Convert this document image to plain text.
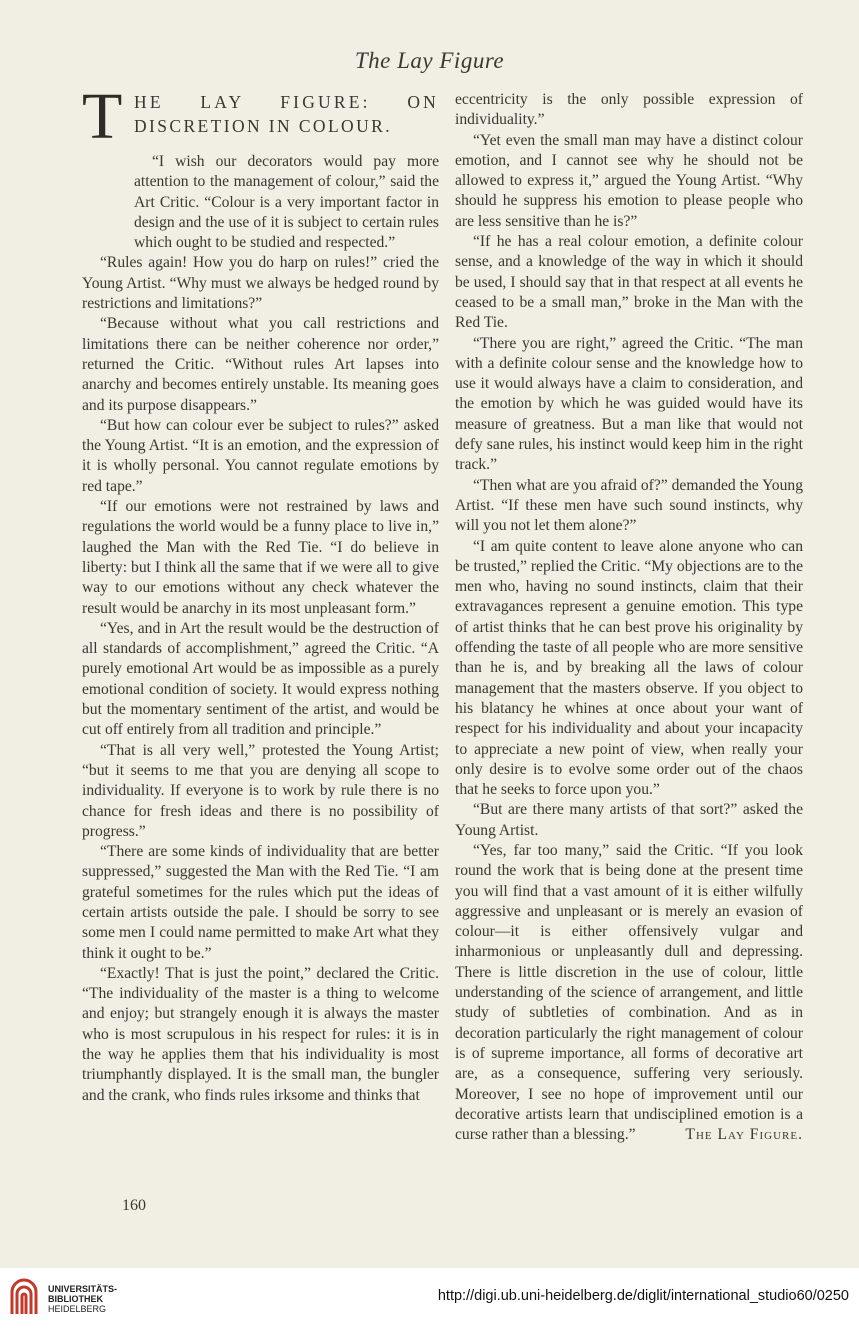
The Lay Figure
T HE LAY FIGURE: ON
DISCRETION IN COLOUR.

“I wish our decorators would pay more attention to the management of colour,” said the Art Critic. “Colour is a very important factor in design and the use of it is subject to certain rules which ought to be studied and respected.”

“Rules again! How you do harp on rules!” cried the Young Artist. “Why must we always be hedged round by restrictions and limitations?”

“Because without what you call restrictions and limitations there can be neither coherence nor order,” returned the Critic. “Without rules Art lapses into anarchy and becomes entirely unstable. Its meaning goes and its purpose disappears.”

“But how can colour ever be subject to rules?” asked the Young Artist. “It is an emotion, and the expression of it is wholly personal. You cannot regulate emotions by red tape.”

“If our emotions were not restrained by laws and regulations the world would be a funny place to live in,” laughed the Man with the Red Tie. “I do believe in liberty: but I think all the same that if we were all to give way to our emotions without any check whatever the result would be anarchy in its most unpleasant form.”

“Yes, and in Art the result would be the destruction of all standards of accomplishment,” agreed the Critic. “A purely emotional Art would be as impossible as a purely emotional condition of society. It would express nothing but the momentary sentiment of the artist, and would be cut off entirely from all tradition and principle.”

“That is all very well,” protested the Young Artist; “but it seems to me that you are denying all scope to individuality. If everyone is to work by rule there is no chance for fresh ideas and there is no possibility of progress.”

“There are some kinds of individuality that are better suppressed,” suggested the Man with the Red Tie. “I am grateful sometimes for the rules which put the ideas of certain artists outside the pale. I should be sorry to see some men I could name permitted to make Art what they think it ought to be.”

“Exactly! That is just the point,” declared the Critic. “The individuality of the master is a thing to welcome and enjoy; but strangely enough it is always the master who is most scrupulous in his respect for rules: it is in the way he applies them that his individuality is most triumphantly displayed. It is the small man, the bungler and the crank, who finds rules irksome and thinks that

eccentricity is the only possible expression of individuality.”

“Yet even the small man may have a distinct colour emotion, and I cannot see why he should not be allowed to express it,” argued the Young Artist. “Why should he suppress his emotion to please people who are less sensitive than he is?”

“If he has a real colour emotion, a definite colour sense, and a knowledge of the way in which it should be used, I should say that in that respect at all events he ceased to be a small man,” broke in the Man with the Red Tie.

“There you are right,” agreed the Critic. “The man with a definite colour sense and the knowledge how to use it would always have a claim to consideration, and the emotion by which he was guided would have its measure of greatness. But a man like that would not defy sane rules, his instinct would keep him in the right track.”

“Then what are you afraid of?” demanded the Young Artist. “If these men have such sound instincts, why will you not let them alone?”

“I am quite content to leave alone anyone who can be trusted,” replied the Critic. “My objections are to the men who, having no sound instincts, claim that their extravagances represent a genuine emotion. This type of artist thinks that he can best prove his originality by offending the taste of all people who are more sensitive than he is, and by breaking all the laws of colour management that the masters observe. If you object to his blatancy he whines at once about your want of respect for his individuality and about your incapacity to appreciate a new point of view, when really your only desire is to evolve some order out of the chaos that he seeks to force upon you.”

“But are there many artists of that sort?” asked the Young Artist.

“Yes, far too many,” said the Critic. “If you look round the work that is being done at the present time you will find that a vast amount of it is either wilfully aggressive and unpleasant or is merely an evasion of colour—it is either offensively vulgar and inharmonious or unpleasantly dull and depressing. There is little discretion in the use of colour, little understanding of the science of arrangement, and little study of subtleties of combination. And as in decoration particularly the right management of colour is of supreme importance, all forms of decorative art are, as a consequence, suffering very seriously. Moreover, I see no hope of improvement until our decorative artists learn that undisciplined emotion is a curse rather than a blessing.”	The Lay Figure.

160
UNIVERSITÄTS-
BIBLIOTHEK
HEIDELBERG
http://digi.ub.uni-heidelberg.de/diglit/international_studio60/0250
